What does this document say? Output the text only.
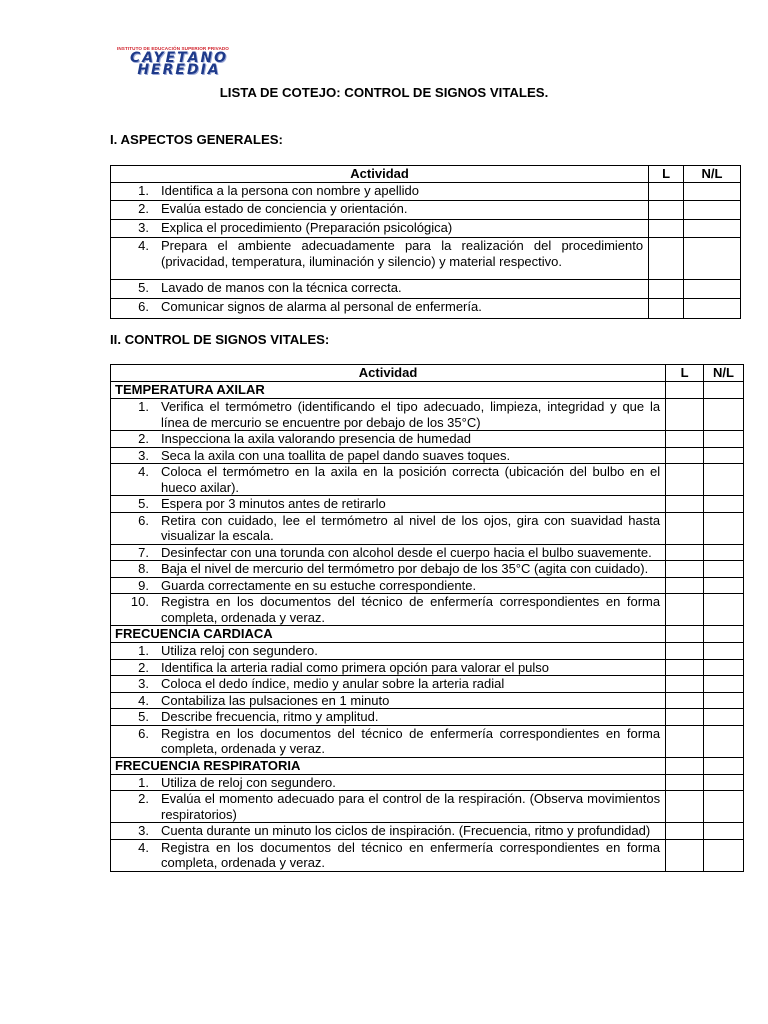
INSTITUTO DE EDUCACIÓN SUPERIOR PRIVADO
CAYETANO
HEREDIA
LISTA DE COTEJO: CONTROL DE SIGNOS VITALES.
I. ASPECTOS GENERALES:
Actividad	L	N/L

1. Identifica a la persona con nombre y apellido		

2. Evalúa estado de conciencia y orientación.		

3. Explica el procedimiento (Preparación psicológica)		

4. Prepara el ambiente adecuadamente para la realización del procedimiento (privacidad, temperatura, iluminación y silencio) y material respectivo.		

5. Lavado de manos con la técnica correcta.		

6. Comunicar signos de alarma al personal de enfermería.		

II. CONTROL DE SIGNOS VITALES:
Actividad	L	N/L
TEMPERATURA AXILAR		

1. Verifica el termómetro (identificando el tipo adecuado, limpieza, integridad y que la línea de mercurio se encuentre por debajo de los 35°C)		

2. Inspecciona la axila valorando presencia de humedad		

3. Seca la axila con una toallita de papel dando suaves toques.		

4. Coloca el termómetro en la axila en la posición correcta (ubicación del bulbo en el hueco axilar).		

5. Espera por 3 minutos antes de retirarlo		

6. Retira con cuidado, lee el termómetro al nivel de los ojos, gira con suavidad hasta visualizar la escala.		

7. Desinfectar con una torunda con alcohol desde el cuerpo hacia el bulbo suavemente.		

8. Baja el nivel de mercurio del termómetro por debajo de los 35°C (agita con cuidado).		

9. Guarda correctamente en su estuche correspondiente.		

10. Registra en los documentos del técnico de enfermería correspondientes en forma completa, ordenada y veraz.		

FRECUENCIA CARDIACA		

1. Utiliza reloj con segundero.		

2. Identifica la arteria radial como primera opción para valorar el pulso		

3. Coloca el dedo índice, medio y anular sobre la arteria radial		

4. Contabiliza las pulsaciones en 1 minuto		

5. Describe frecuencia, ritmo y amplitud.		

6. Registra en los documentos del técnico de enfermería correspondientes en forma completa, ordenada y veraz.		

FRECUENCIA RESPIRATORIA		

1. Utiliza de reloj con segundero.		

2. Evalúa el momento adecuado para el control de la respiración. (Observa movimientos respiratorios)		

3. Cuenta durante un minuto los ciclos de inspiración. (Frecuencia, ritmo y profundidad)		

4. Registra en los documentos del técnico en enfermería correspondientes en forma completa, ordenada y veraz.		
